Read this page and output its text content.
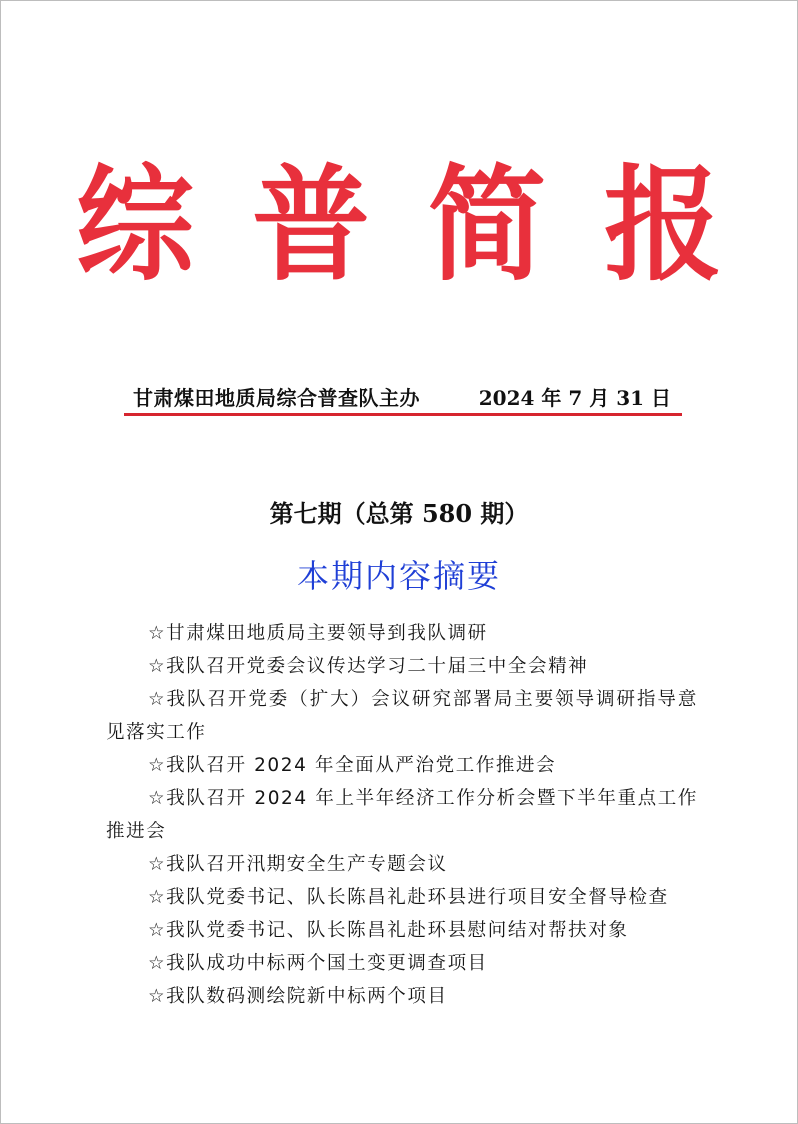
综 普 简 报
甘肃煤田地质局综合普查队主办	2024 年 7 月 31 日
第七期（总第 580 期）
本期内容摘要
☆甘肃煤田地质局主要领导到我队调研
☆我队召开党委会议传达学习二十届三中全会精神
☆我队召开党委（扩大）会议研究部署局主要领导调研指导意见落实工作
☆我队召开 2024 年全面从严治党工作推进会
☆我队召开 2024 年上半年经济工作分析会暨下半年重点工作推进会
☆我队召开汛期安全生产专题会议
☆我队党委书记、队长陈昌礼赴环县进行项目安全督导检查
☆我队党委书记、队长陈昌礼赴环县慰问结对帮扶对象
☆我队成功中标两个国土变更调查项目
☆我队数码测绘院新中标两个项目
